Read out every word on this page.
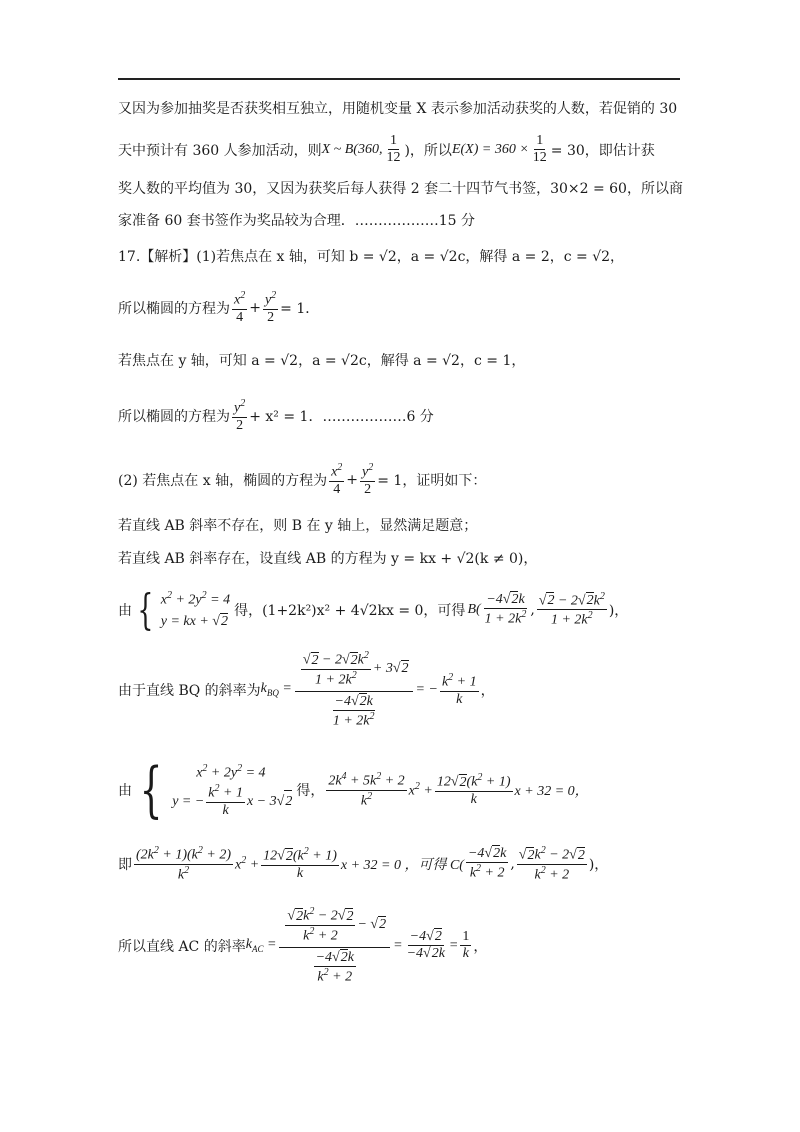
又因为参加抽奖是否获奖相互独立，用随机变量 X 表示参加活动获奖的人数，若促销的 30
天中预计有 360 人参加活动，则 X ~ B(360, $\frac{1}{12}$ )，所以 $E(X) = 360 \times \frac{1}{12} = 30$，即估计获
奖人数的平均值为 30，又因为获奖后每人获得 2 套二十四节气书签，30×2 = 60，所以商
家准备 60 套书签作为奖品较为合理．………………15 分
17.【解析】(1)若焦点在 x 轴，可知 b = √2，a = √2c，解得 a = 2，c = √2，
所以椭圆的方程为 $\frac{x^2}{4} + \frac{y^2}{2} = 1$．
若焦点在 y 轴，可知 a = √2，a = √2c，解得 a = √2，c = 1，
所以椭圆的方程为 $\frac{y^2}{2} + x^2 = 1$．………………6 分
(2) 若焦点在 x 轴，椭圆的方程为 $\frac{x^2}{4} + \frac{y^2}{2} = 1$，证明如下：
若直线 AB 斜率不存在，则 B 在 y 轴上，显然满足题意；
若直线 AB 斜率存在，设直线 AB 的方程为 y = kx + √2(k ≠ 0)，
由 { $x^2 + 2y^2 = 4$
y = kx + √2
得，(1+2k²)x² + 4√2kx = 0，可得 $B( \frac{-4√2k}{1 + 2k^2}$ , $\frac{√2 - 2√2k^2}{1 + 2k^2}$ )，
由于直线 BQ 的斜率为 $k_{BQ} = \frac{\frac{√2 - 2√2k^2}{1 + 2k^2} + 3√2}{\frac{-4√2k}{1 + 2k^2}}$ = − $\frac{k^2 + 1}{k}$ ，
由 {	$x^2 + 2y^2 = 4$
y = − $\frac{k^2 + 1}{k}$ x − 3√ 2
得， $\frac{2k^4 + 5k^2 + 2}{k^2} x^2 + \frac{12√2(k^2 + 1)}{k}$ x + 32 = 0，
即 $\frac{(2k^2 + 1)(k^2 + 2)}{k^2} x^2 + \frac{12√2(k^2 + 1)}{k}$ x + 32 = 0 ，可得 $C( \frac{-4√2k}{k^2 + 2}$ , $\frac{√2k^2 - 2√2}{k^2 + 2}$ )，
所以直线 AC 的斜率 $k_{AC} = \frac{\frac{√2k^2 - 2√2}{k^2 + 2} - √2}{\frac{-4√2k}{k^2 + 2}} = \frac{-4√2}{-4√2k} = \frac{1}{k}$ ，
